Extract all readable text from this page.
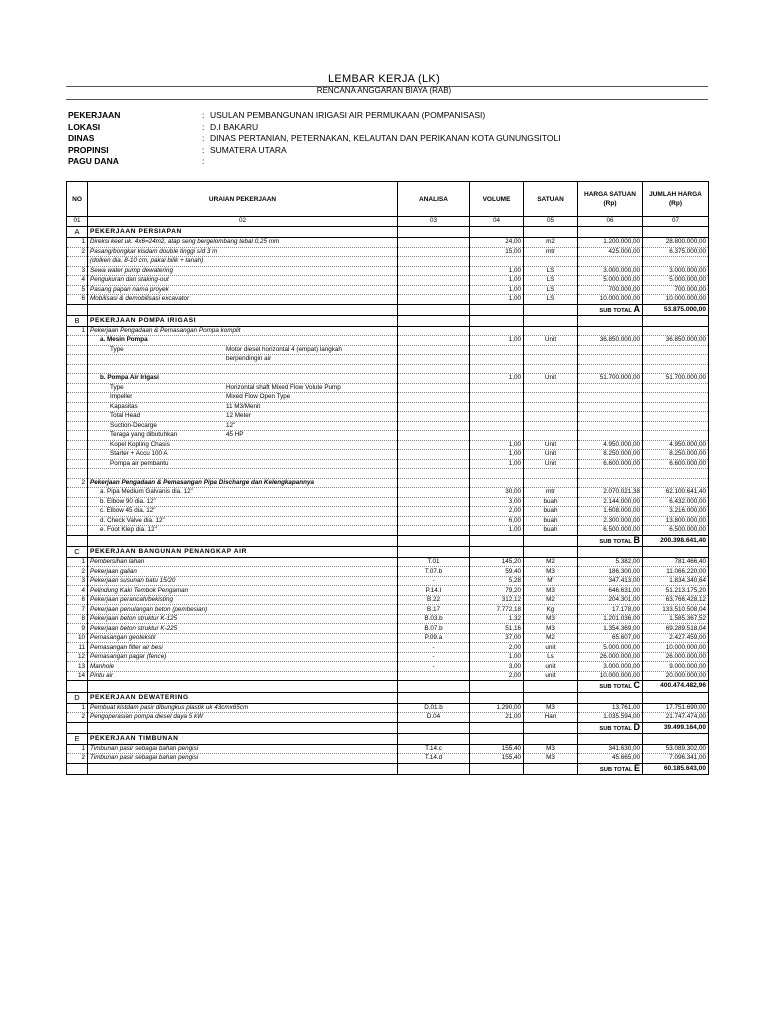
LEMBAR KERJA (LK)
RENCANA ANGGARAN BIAYA (RAB)
PEKERJAAN	: USULAN PEMBANGUNAN IRIGASI AIR PERMUKAAN (POMPANISASI)
LOKASI	: D.I BAKARU
DINAS	: DINAS PERTANIAN, PETERNAKAN, KELAUTAN DAN PERIKANAN KOTA GUNUNGSITOLI
PROPINSI	: SUMATERA UTARA
PAGU DANA	:
NO	URAIAN PEKERJAAN	ANALISA	VOLUME	SATUAN	HARGA SATUAN (Rp)	JUMLAH HARGA (Rp)
01	02	03	04	05	06	07
A	PEKERJAAN PERSIAPAN					
1	Direksi keet uk. 4x6=24m2, atap seng bergelombang tebal 0,25 mm		24,00	m2	1.200.000,00	28.800.000,00
2	Pasang/bongkar kisdam double tinggi s/d 3 m		15,00	mtr	425.000,00	6.375.000,00
	(dolken dia. 8-10 cm, pakai bilik + tanah)					
3	Sewa water pump dewatering		1,00	LS	3.000.000,00	3.000.000,00
4	Pengukuran dan staking-out		1,00	LS	5.000.000,00	5.000.000,00
5	Pasang papan nama proyek		1,00	LS	700.000,00	700.000,00
6	Mobilisasi & demobilisasi excavator		1,00	LS	10.000.000,00	10.000.000,00
					SUB TOTAL A	53.875.000,00
B	PEKERJAAN POMPA IRIGASI					
1	Pekerjaan Pengadaan & Pemasangan Pompa komplit					
	a. Mesin Pompa		1,00	Unit	36.850.000,00	36.850.000,00
	Type Motor diesel horizontal 4 (empat) langkah					
	berpendingin air					

	b. Pompa Air Irigasi		1,00	Unit	51.700.000,00	51.700.000,00
	Type Horizontal shaft Mixed Flow Volute Pump					
	Impeller Mixed Flow Open Type					
	Kapasitas 11 M3/Menit					
	Total Head 12 Meter					
	Suction-Decarge 12"					
	Teraga yang dibutuhkan 45 HP					
	Kopel Kopling Chasis		1,00	Unit	4.950.000,00	4.950.000,00
	Starter + Accu 100 A		1,00	Unit	8.250.000,00	8.250.000,00
	Pompa air pembantu		1,00	Unit	6.600.000,00	6.600.000,00

2	Pekerjaan Pengadaan & Pemasangan Pipa Discharge dan Kelengkapannya					
	a. Pipa Medium Galvanis dia. 12"		30,00	mtr	2.070.021,38	62.100.641,40
	b. Elbow 90 dia. 12"		3,00	buah	2.144.000,00	6.432.000,00
	c. Elbow 45 dia. 12"		2,00	buah	1.608.000,00	3.216.000,00
	d. Check Valve dia. 12"		6,00	buah	2.300.000,00	13.800.000,00
	e. Foot Klep dia. 12"		1,00	buah	6.500.000,00	6.500.000,00
					SUB TOTAL B	200.398.641,40
C	PEKERJAAN BANGUNAN PENANGKAP AIR					
1	Pembersihan lahan	T.01	145,20	M2	5.382,00	781.466,40
2	Pekerjaan galian	T.07.b	59,40	M3	186.300,00	11.066.220,00
3	Pekerjaan susunan batu 15/20	-	5,28	M'	347.413,00	1.834.340,64
4	Pelindung Kaki Tembok Pengaman	P.14.I	79,20	M3	646.631,00	51.213.175,20
6	Pekerjaan perancah/bekisting	B.22	312,12	M2	204.301,00	63.766.428,12
7	Pekerjaan penulangan beton (pembesian)	B.17	7.772,18	Kg	17.178,00	133.510.508,04
8	Pekerjaan beton struktur K-125	B.03.b	1,32	M3	1.201.036,00	1.585.367,52
9	Pekerjaan beton struktur K-225	B.07.b	51,16	M3	1.354.369,00	69.289.518,04
10	Pemasangan geotekstil	P.09.a	37,00	M2	65.607,00	2.427.459,00
11	Pemasangan filter air besi	-	2,00	unit	5.000.000,00	10.000.000,00
12	Pemasangan pagar (fence)	-	1,00	Ls	26.000.000,00	26.000.000,00
13	Manhole	-	3,00	unit	3.000.000,00	9.000.000,00
14	Pintu air		2,00	unit	10.000.000,00	20.000.000,00
					SUB TOTAL C	400.474.482,96
D	PEKERJAAN DEWATERING					
1	Pembuat kistdam pasir dibungkus plastik uk 43cmx65cm	D.01.b	1.290,00	M3	13.761,00	17.751.690,00
2	Pengoperasian pompa diesel daya 5 kW	D.04	21,00	Hari	1.035.594,00	21.747.474,00
					SUB TOTAL D	39.499.164,00
E	PEKERJAAN TIMBUNAN					
1	Timbunan pasir sebagai bahan pengisi	T.14.c	155,40	M3	341.630,00	53.089.302,00
2	Timbunan pasir sebagai bahan pengisi	T.14.d	155,40	M3	45.665,00	7.096.341,00
					SUB TOTAL E	60.185.643,00
